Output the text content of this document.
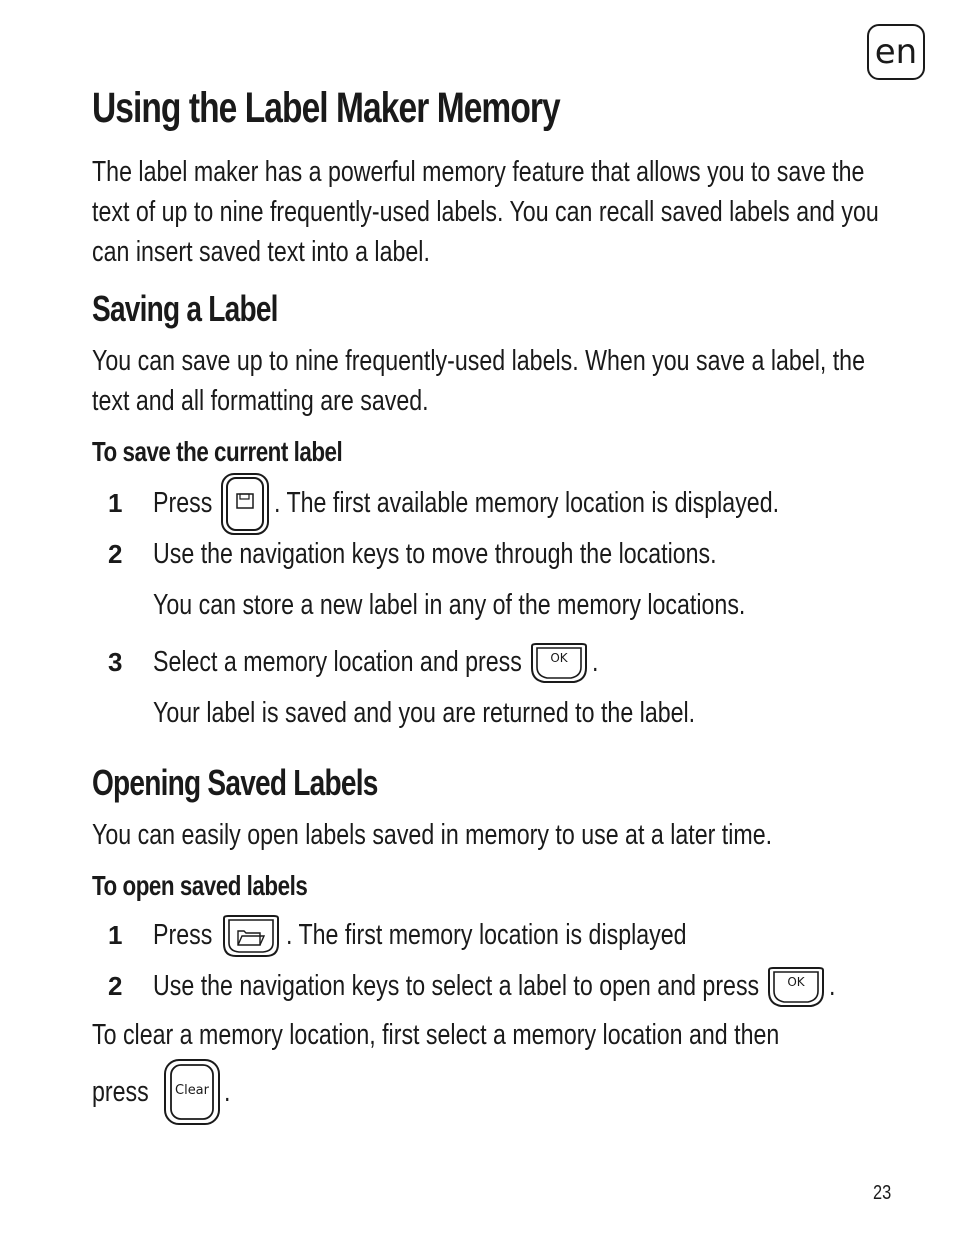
en
Using the Label Maker Memory
The label maker has a powerful memory feature that allows you to save the
text of up to nine frequently-used labels. You can recall saved labels and you
can insert saved text into a label.
Saving a Label
You can save up to nine frequently-used labels. When you save a label, the
text and all formatting are saved.
To save the current label
1 Press . The first available memory location is displayed.
2 Use the navigation keys to move through the locations.
You can store a new label in any of the memory locations.
3 Select a memory location and press OK .
Your label is saved and you are returned to the label.
Opening Saved Labels
You can easily open labels saved in memory to use at a later time.
To open saved labels
1 Press	. The first memory location is displayed
2 Use the navigation keys to select a label to open and press OK .
To clear a memory location, first select a memory location and then
press Clear .
23
